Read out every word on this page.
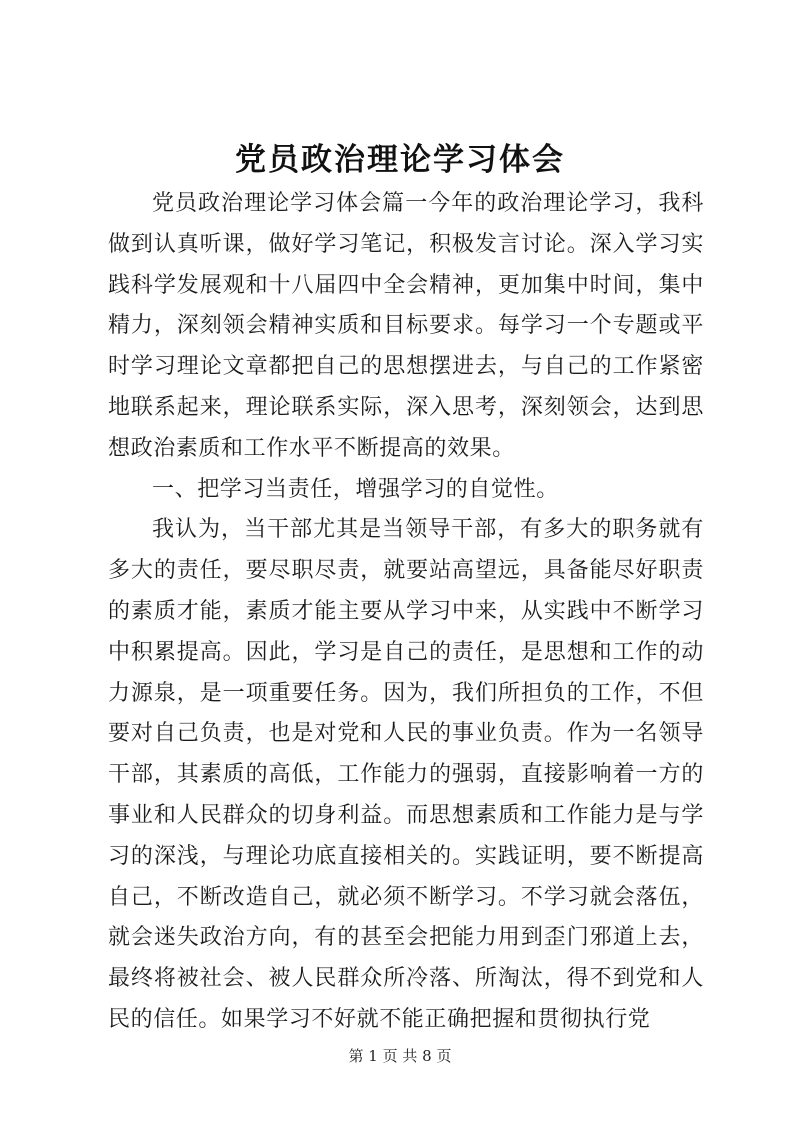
党员政治理论学习体会

党员政治理论学习体会篇一今年的政治理论学习，我科做到认真听课，做好学习笔记，积极发言讨论。深入学习实践科学发展观和十八届四中全会精神，更加集中时间，集中精力，深刻领会精神实质和目标要求。每学习一个专题或平时学习理论文章都把自己的思想摆进去，与自己的工作紧密地联系起来，理论联系实际，深入思考，深刻领会，达到思想政治素质和工作水平不断提高的效果。

一、把学习当责任，增强学习的自觉性。

我认为，当干部尤其是当领导干部，有多大的职务就有多大的责任，要尽职尽责，就要站高望远，具备能尽好职责的素质才能，素质才能主要从学习中来，从实践中不断学习中积累提高。因此，学习是自己的责任，是思想和工作的动力源泉，是一项重要任务。因为，我们所担负的工作，不但要对自己负责，也是对党和人民的事业负责。作为一名领导干部，其素质的高低，工作能力的强弱，直接影响着一方的事业和人民群众的切身利益。而思想素质和工作能力是与学习的深浅，与理论功底直接相关的。实践证明，要不断提高自己，不断改造自己，就必须不断学习。不学习就会落伍，就会迷失政治方向，有的甚至会把能力用到歪门邪道上去，最终将被社会、被人民群众所冷落、所淘汰，得不到党和人民的信任。如果学习不好就不能正确把握和贯彻执行党

第 1 页 共 8 页
